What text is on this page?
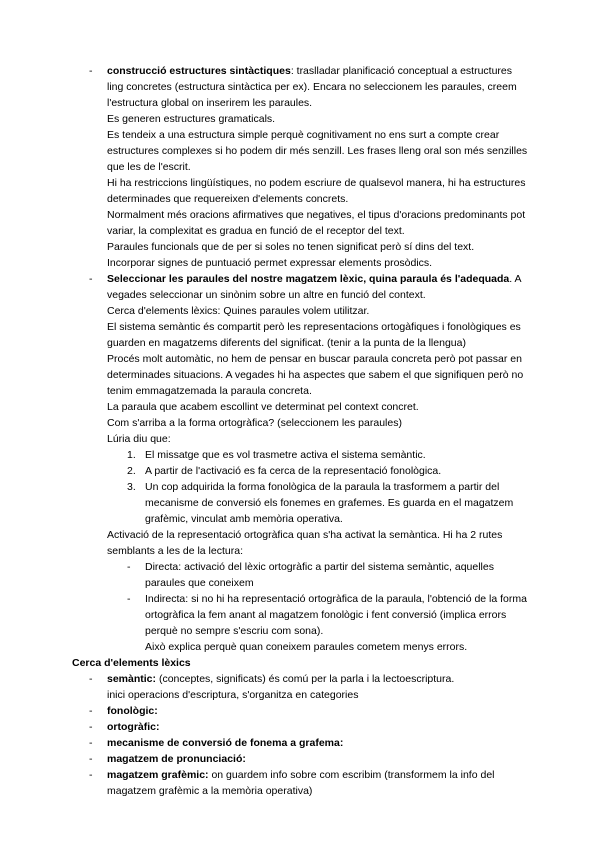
- construcció estructures sintàctiques: traslladar planificació conceptual a estructures ling concretes (estructura sintàctica per ex). Encara no seleccionem les paraules, creem l'estructura global on inserirem les paraules.
Es generen estructures gramaticals.
Es tendeix a una estructura simple perquè cognitivament no ens surt a compte crear estructures complexes si ho podem dir més senzill. Les frases lleng oral son més senzilles que les de l'escrit.
Hi ha restriccions lingüístiques, no podem escriure de qualsevol manera, hi ha estructures determinades que requereixen d'elements concrets.
Normalment més oracions afirmatives que negatives, el tipus d'oracions predominants pot variar, la complexitat es gradua en funció de el receptor del text.
Paraules funcionals que de per si soles no tenen significat però sí dins del text.
Incorporar signes de puntuació permet expressar elements prosòdics.
- Seleccionar les paraules del nostre magatzem lèxic, quina paraula és l'adequada. A vegades seleccionar un sinònim sobre un altre en funció del context.
Cerca d'elements lèxics: Quines paraules volem utilitzar.
El sistema semàntic és compartit però les representacions ortogàfiques i fonològiques es guarden en magatzems diferents del significat. (tenir a la punta de la llengua)
Procés molt automàtic, no hem de pensar en buscar paraula concreta però pot passar en determinades situacions. A vegades hi ha aspectes que sabem el que signifiquen però no tenim emmagatzemada la paraula concreta.
La paraula que acabem escollint ve determinat pel context concret.
Com s'arriba a la forma ortogràfica? (seleccionem les paraules)
Lúria diu que:
1. El missatge que es vol trasmetre activa el sistema semàntic.
2. A partir de l'activació es fa cerca de la representació fonològica.
3. Un cop adquirida la forma fonològica de la paraula la trasformem a partir del mecanisme de conversió els fonemes en grafemes. Es guarda en el magatzem grafèmic, vinculat amb memòria operativa.
Activació de la representació ortogràfica quan s'ha activat la semàntica. Hi ha 2 rutes semblants a les de la lectura:
- Directa: activació del lèxic ortogràfic a partir del sistema semàntic, aquelles paraules que coneixem
- Indirecta: si no hi ha representació ortogràfica de la paraula, l'obtenció de la forma ortogràfica la fem anant al magatzem fonològic i fent conversió (implica errors perquè no sempre s'escriu com sona).
Això explica perquè quan coneixem paraules cometem menys errors.
Cerca d'elements lèxics
- semàntic: (conceptes, significats) és comú per la parla i la lectoescriptura.
inici operacions d'escriptura, s'organitza en categories
- fonològic:
- ortogràfic:
- mecanisme de conversió de fonema a grafema:
- magatzem de pronunciació:
- magatzem grafèmic: on guardem info sobre com escribim (transformem la info del magatzem grafèmic a la memòria operativa)
